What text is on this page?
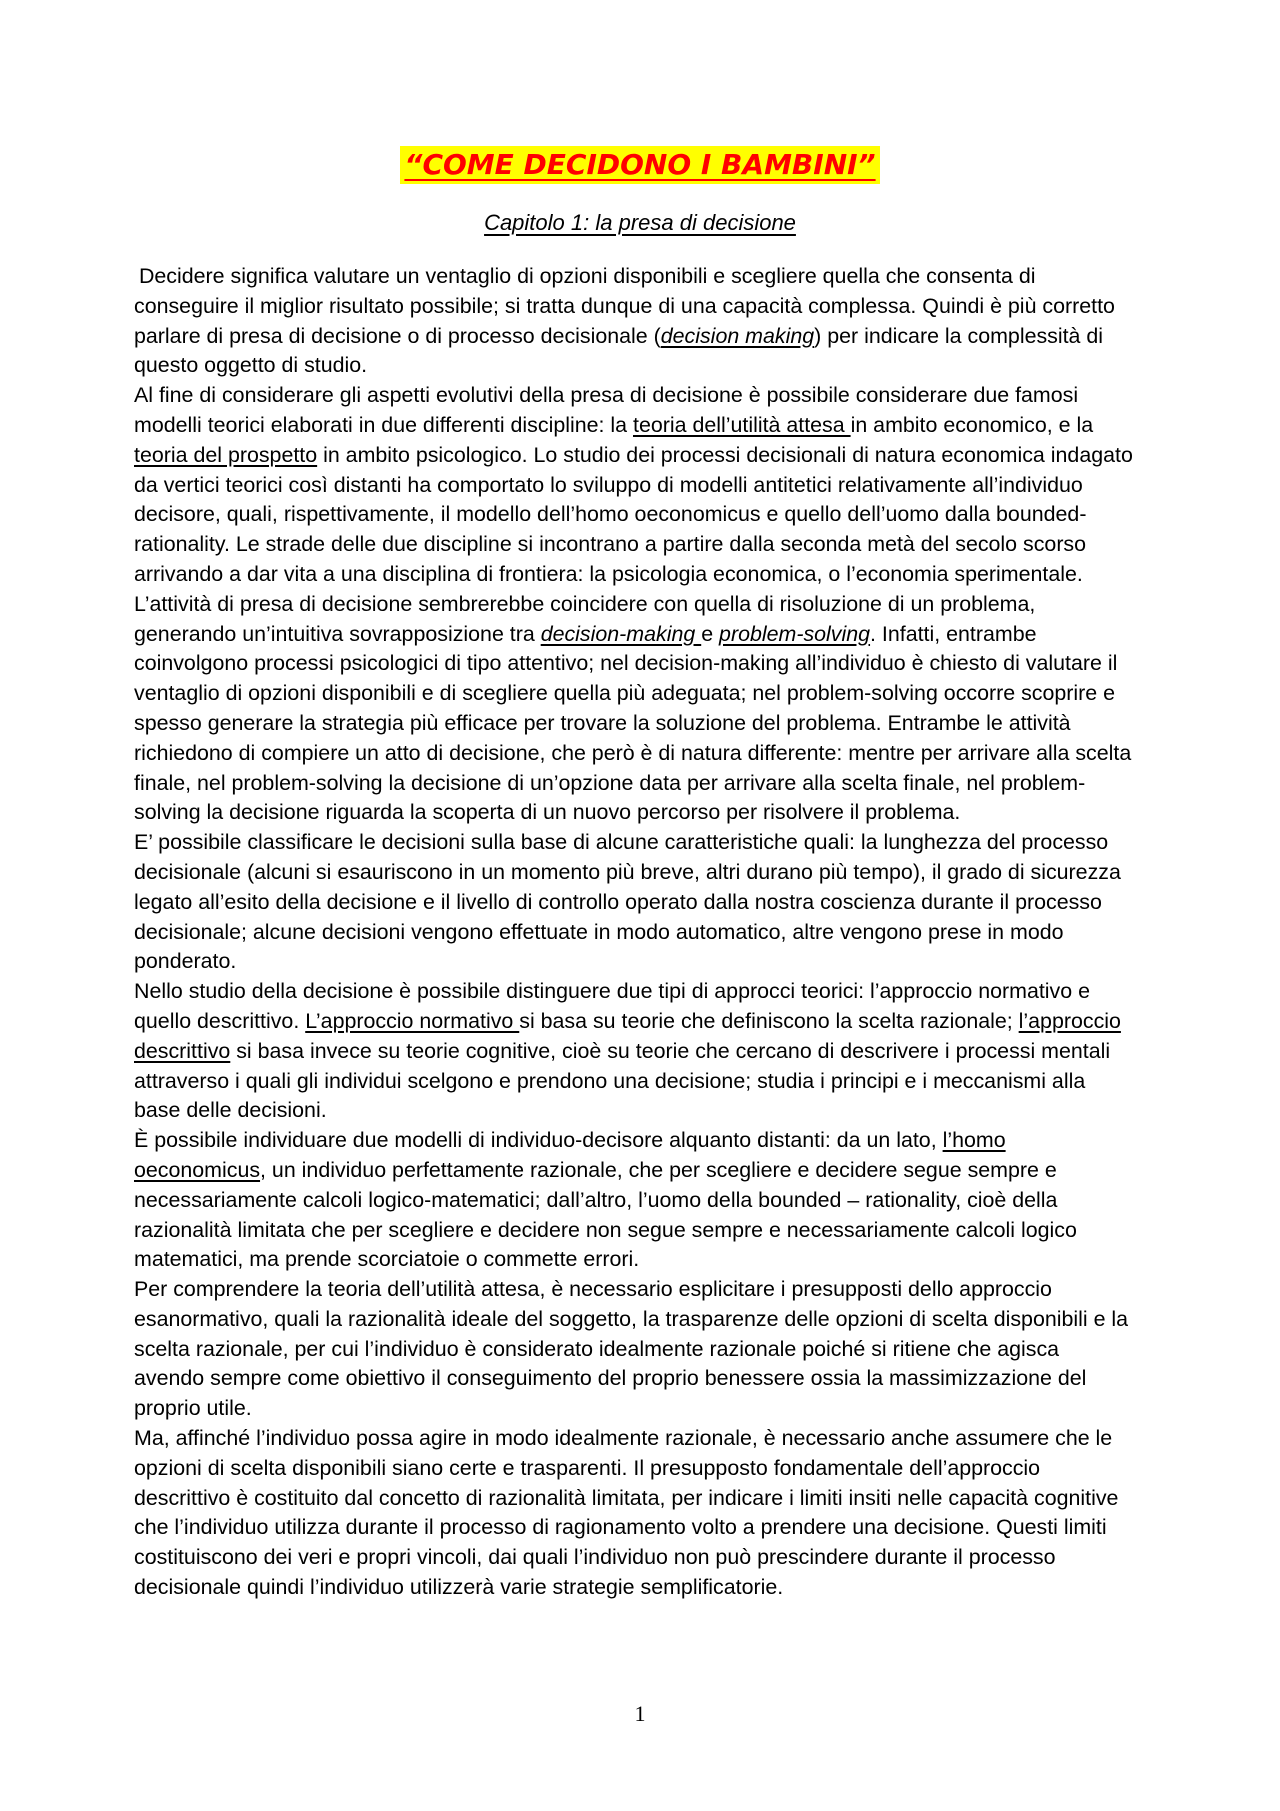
“COME DECIDONO I BAMBINI”
Capitolo 1: la presa di decisione

Decidere significa valutare un ventaglio di opzioni disponibili e scegliere quella che consenta di conseguire il miglior risultato possibile; si tratta dunque di una capacità complessa. Quindi è più corretto parlare di presa di decisione o di processo decisionale (decision making) per indicare la complessità di questo oggetto di studio.

Al fine di considerare gli aspetti evolutivi della presa di decisione è possibile considerare due famosi modelli teorici elaborati in due differenti discipline: la teoria dell’utilità attesa in ambito economico, e la teoria del prospetto in ambito psicologico. Lo studio dei processi decisionali di natura economica indagato da vertici teorici così distanti ha comportato lo sviluppo di modelli antitetici relativamente all’individuo decisore, quali, rispettivamente, il modello dell’homo oeconomicus e quello dell’uomo dalla bounded-rationality. Le strade delle due discipline si incontrano a partire dalla seconda metà del secolo scorso arrivando a dar vita a una disciplina di frontiera: la psicologia economica, o l’economia sperimentale.

L’attività di presa di decisione sembrerebbe coincidere con quella di risoluzione di un problema, generando un’intuitiva sovrapposizione tra decision-making e problem-solving. Infatti, entrambe coinvolgono processi psicologici di tipo attentivo; nel decision-making all’individuo è chiesto di valutare il ventaglio di opzioni disponibili e di scegliere quella più adeguata; nel problem-solving occorre scoprire e spesso generare la strategia più efficace per trovare la soluzione del problema. Entrambe le attività richiedono di compiere un atto di decisione, che però è di natura differente: mentre per arrivare alla scelta finale, nel problem-solving la decisione di un’opzione data per arrivare alla scelta finale, nel problem-solving la decisione riguarda la scoperta di un nuovo percorso per risolvere il problema.

E’ possibile classificare le decisioni sulla base di alcune caratteristiche quali: la lunghezza del processo decisionale (alcuni si esauriscono in un momento più breve, altri durano più tempo), il grado di sicurezza legato all’esito della decisione e il livello di controllo operato dalla nostra coscienza durante il processo decisionale; alcune decisioni vengono effettuate in modo automatico, altre vengono prese in modo ponderato.

Nello studio della decisione è possibile distinguere due tipi di approcci teorici: l’approccio normativo e quello descrittivo. L’approccio normativo si basa su teorie che definiscono la scelta razionale; l’approccio descrittivo si basa invece su teorie cognitive, cioè su teorie che cercano di descrivere i processi mentali attraverso i quali gli individui scelgono e prendono una decisione; studia i principi e i meccanismi alla base delle decisioni.

È possibile individuare due modelli di individuo-decisore alquanto distanti: da un lato, l’homo oeconomicus, un individuo perfettamente razionale, che per scegliere e decidere segue sempre e necessariamente calcoli logico-matematici; dall’altro, l’uomo della bounded – rationality, cioè della razionalità limitata che per scegliere e decidere non segue sempre e necessariamente calcoli logico matematici, ma prende scorciatoie o commette errori.

Per comprendere la teoria dell’utilità attesa, è necessario esplicitare i presupposti dello approccio esanormativo, quali la razionalità ideale del soggetto, la trasparenze delle opzioni di scelta disponibili e la scelta razionale, per cui l’individuo è considerato idealmente razionale poiché si ritiene che agisca avendo sempre come obiettivo il conseguimento del proprio benessere ossia la massimizzazione del proprio utile.

Ma, affinché l’individuo possa agire in modo idealmente razionale, è necessario anche assumere che le opzioni di scelta disponibili siano certe e trasparenti. Il presupposto fondamentale dell’approccio descrittivo è costituito dal concetto di razionalità limitata, per indicare i limiti insiti nelle capacità cognitive che l’individuo utilizza durante il processo di ragionamento volto a prendere una decisione. Questi limiti costituiscono dei veri e propri vincoli, dai quali l’individuo non può prescindere durante il processo decisionale quindi l’individuo utilizzerà varie strategie semplificatorie.

1
